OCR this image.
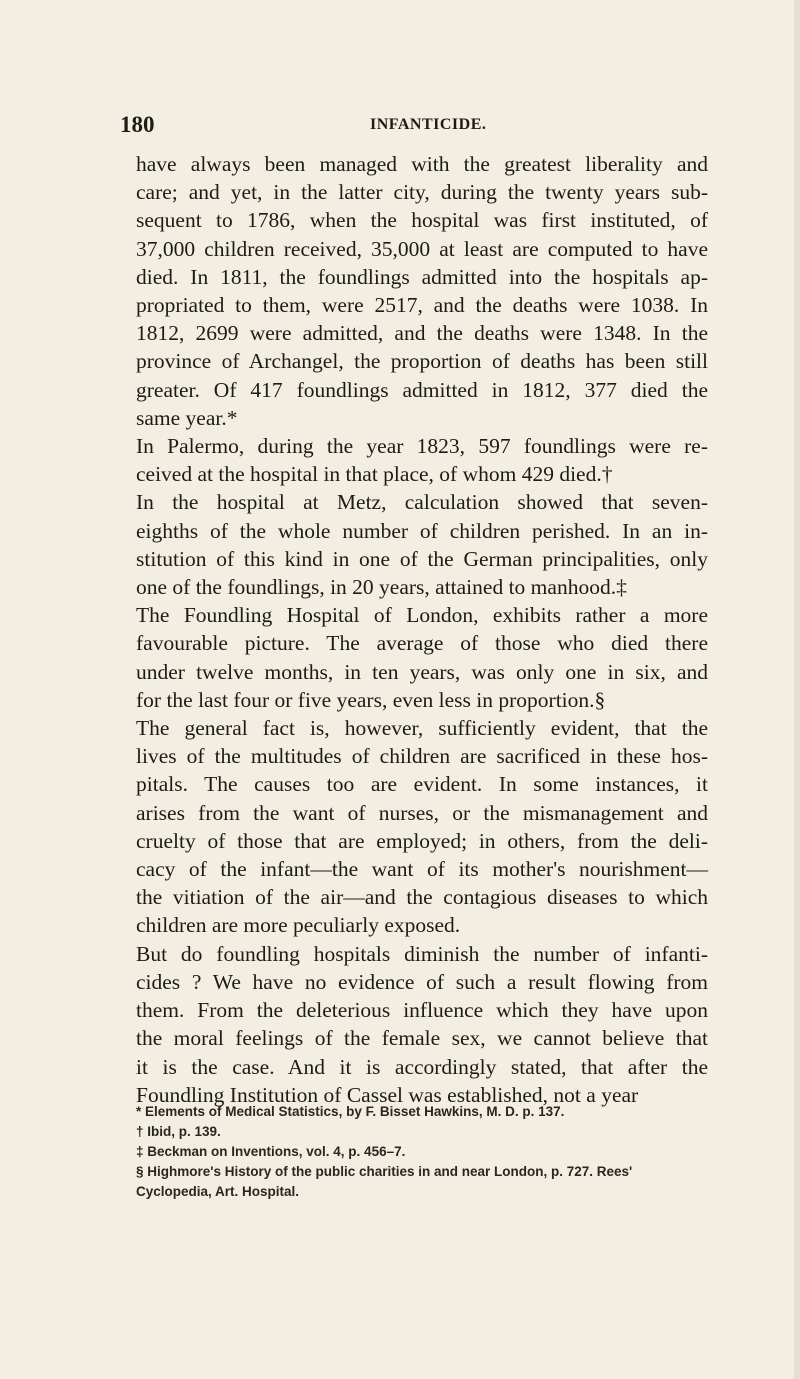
180	INFANTICIDE.
have always been managed with the greatest liberality and
care; and yet, in the latter city, during the twenty years sub-
sequent to 1786, when the hospital was first instituted, of
37,000 children received, 35,000 at least are computed to have
died. In 1811, the foundlings admitted into the hospitals ap-
propriated to them, were 2517, and the deaths were 1038. In
1812, 2699 were admitted, and the deaths were 1348. In the
province of Archangel, the proportion of deaths has been still
greater. Of 417 foundlings admitted in 1812, 377 died the
same year.*
In Palermo, during the year 1823, 597 foundlings were re-
ceived at the hospital in that place, of whom 429 died.†
In the hospital at Metz, calculation showed that seven-
eighths of the whole number of children perished. In an in-
stitution of this kind in one of the German principalities, only
one of the foundlings, in 20 years, attained to manhood.‡
The Foundling Hospital of London, exhibits rather a more
favourable picture. The average of those who died there
under twelve months, in ten years, was only one in six, and
for the last four or five years, even less in proportion.§
The general fact is, however, sufficiently evident, that the
lives of the multitudes of children are sacrificed in these hos-
pitals. The causes too are evident. In some instances, it
arises from the want of nurses, or the mismanagement and
cruelty of those that are employed; in others, from the deli-
cacy of the infant—the want of its mother's nourishment—
the vitiation of the air—and the contagious diseases to which
children are more peculiarly exposed.
But do foundling hospitals diminish the number of infanti-
cides ? We have no evidence of such a result flowing from
them. From the deleterious influence which they have upon
the moral feelings of the female sex, we cannot believe that
it is the case. And it is accordingly stated, that after the
Foundling Institution of Cassel was established, not a year
* Elements of Medical Statistics, by F. Bisset Hawkins, M. D. p. 137.
† Ibid, p. 139.
‡ Beckman on Inventions, vol. 4, p. 456–7.
§ Highmore's History of the public charities in and near London, p. 727. Rees'
Cyclopedia, Art. Hospital.
